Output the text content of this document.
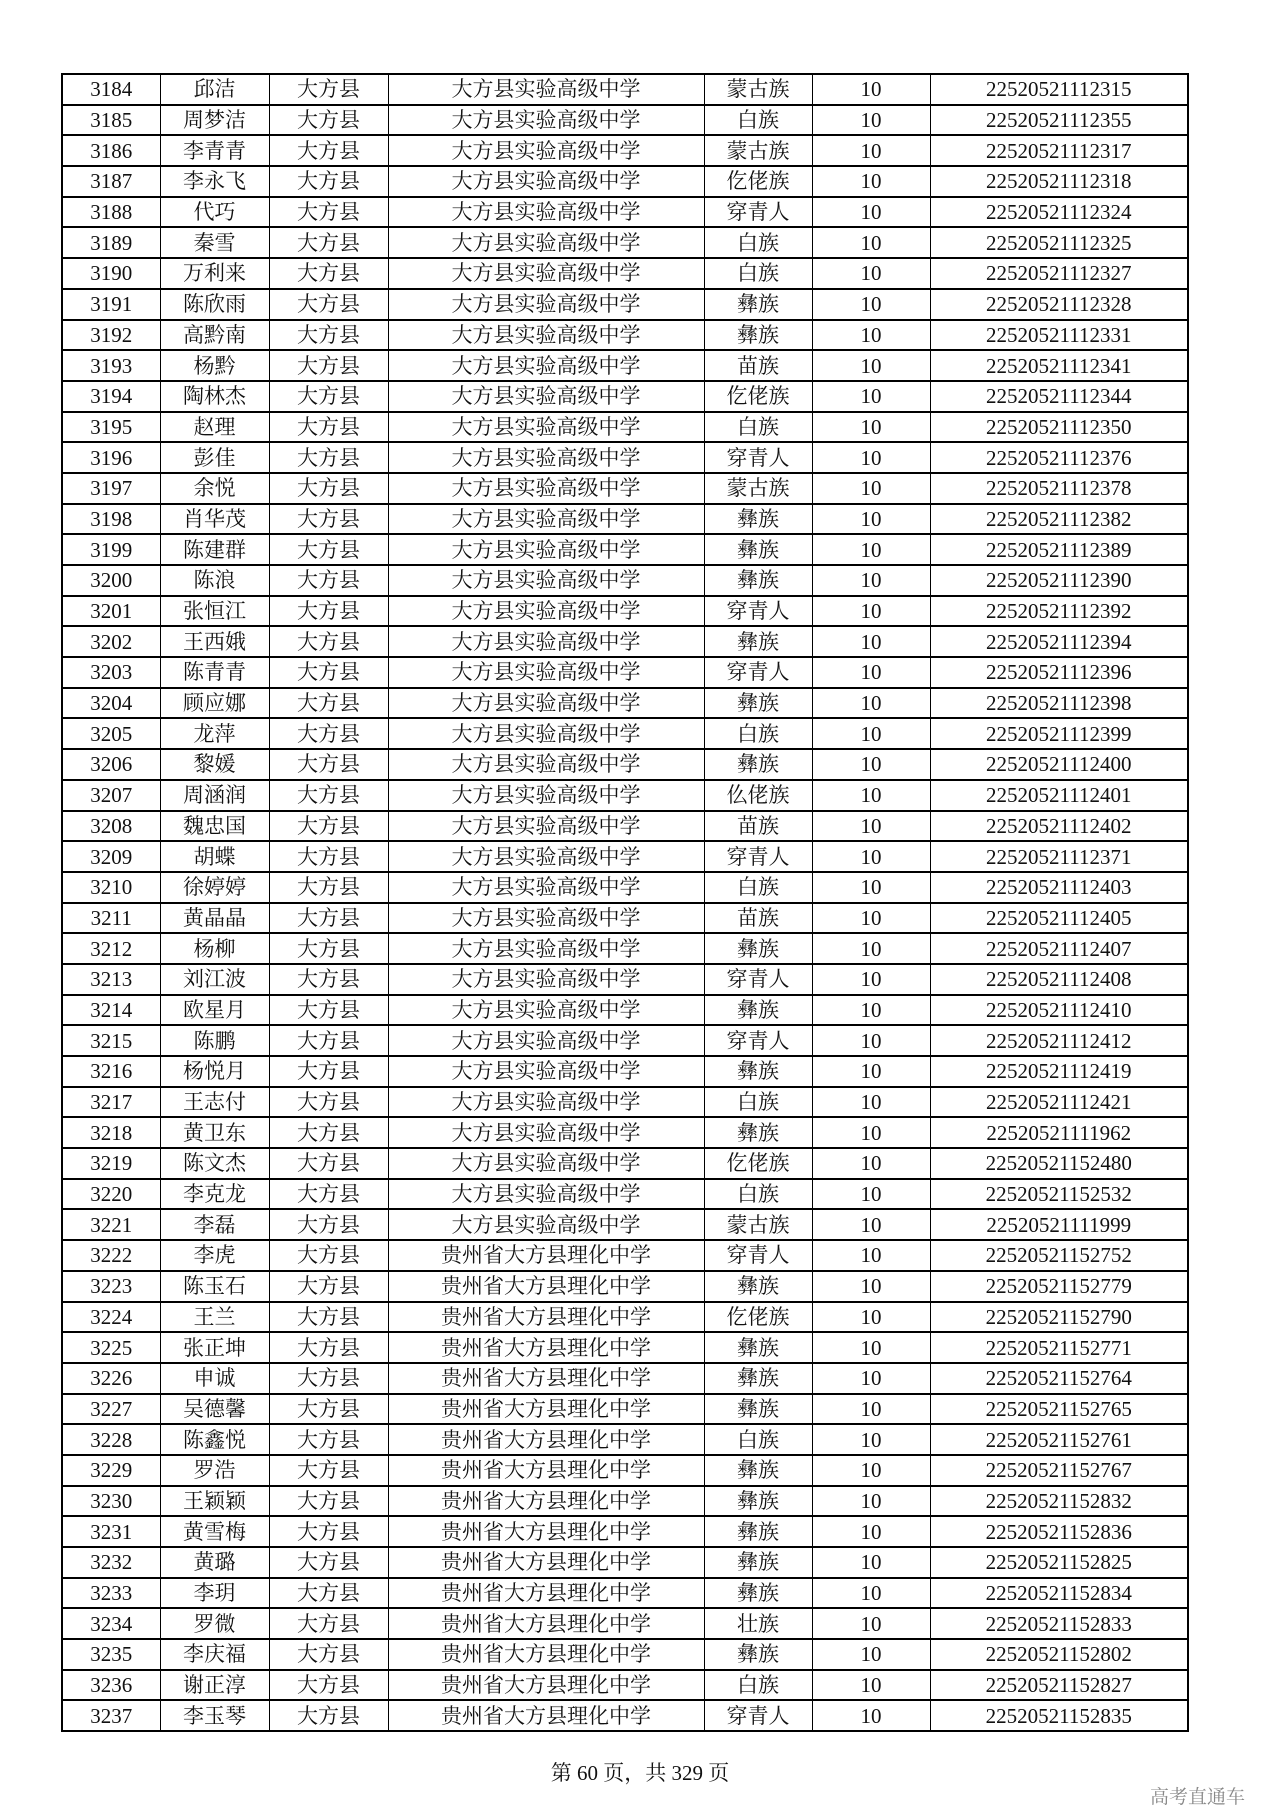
3184	邱洁	大方县	大方县实验高级中学	蒙古族	10	22520521112315
3185	周梦洁	大方县	大方县实验高级中学	白族	10	22520521112355
3186	李青青	大方县	大方县实验高级中学	蒙古族	10	22520521112317
3187	李永飞	大方县	大方县实验高级中学	仡佬族	10	22520521112318
3188	代巧	大方县	大方县实验高级中学	穿青人	10	22520521112324
3189	秦雪	大方县	大方县实验高级中学	白族	10	22520521112325
3190	万利来	大方县	大方县实验高级中学	白族	10	22520521112327
3191	陈欣雨	大方县	大方县实验高级中学	彝族	10	22520521112328
3192	高黔南	大方县	大方县实验高级中学	彝族	10	22520521112331
3193	杨黔	大方县	大方县实验高级中学	苗族	10	22520521112341
3194	陶林杰	大方县	大方县实验高级中学	仡佬族	10	22520521112344
3195	赵理	大方县	大方县实验高级中学	白族	10	22520521112350
3196	彭佳	大方县	大方县实验高级中学	穿青人	10	22520521112376
3197	余悦	大方县	大方县实验高级中学	蒙古族	10	22520521112378
3198	肖华茂	大方县	大方县实验高级中学	彝族	10	22520521112382
3199	陈建群	大方县	大方县实验高级中学	彝族	10	22520521112389
3200	陈浪	大方县	大方县实验高级中学	彝族	10	22520521112390
3201	张恒江	大方县	大方县实验高级中学	穿青人	10	22520521112392
3202	王西娥	大方县	大方县实验高级中学	彝族	10	22520521112394
3203	陈青青	大方县	大方县实验高级中学	穿青人	10	22520521112396
3204	顾应娜	大方县	大方县实验高级中学	彝族	10	22520521112398
3205	龙萍	大方县	大方县实验高级中学	白族	10	22520521112399
3206	黎媛	大方县	大方县实验高级中学	彝族	10	22520521112400
3207	周涵润	大方县	大方县实验高级中学	仫佬族	10	22520521112401
3208	魏忠国	大方县	大方县实验高级中学	苗族	10	22520521112402
3209	胡蝶	大方县	大方县实验高级中学	穿青人	10	22520521112371
3210	徐婷婷	大方县	大方县实验高级中学	白族	10	22520521112403
3211	黄晶晶	大方县	大方县实验高级中学	苗族	10	22520521112405
3212	杨柳	大方县	大方县实验高级中学	彝族	10	22520521112407
3213	刘江波	大方县	大方县实验高级中学	穿青人	10	22520521112408
3214	欧星月	大方县	大方县实验高级中学	彝族	10	22520521112410
3215	陈鹏	大方县	大方县实验高级中学	穿青人	10	22520521112412
3216	杨悦月	大方县	大方县实验高级中学	彝族	10	22520521112419
3217	王志付	大方县	大方县实验高级中学	白族	10	22520521112421
3218	黄卫东	大方县	大方县实验高级中学	彝族	10	22520521111962
3219	陈文杰	大方县	大方县实验高级中学	仡佬族	10	22520521152480
3220	李克龙	大方县	大方县实验高级中学	白族	10	22520521152532
3221	李磊	大方县	大方县实验高级中学	蒙古族	10	22520521111999
3222	李虎	大方县	贵州省大方县理化中学	穿青人	10	22520521152752
3223	陈玉石	大方县	贵州省大方县理化中学	彝族	10	22520521152779
3224	王兰	大方县	贵州省大方县理化中学	仡佬族	10	22520521152790
3225	张正坤	大方县	贵州省大方县理化中学	彝族	10	22520521152771
3226	申诚	大方县	贵州省大方县理化中学	彝族	10	22520521152764
3227	吴德馨	大方县	贵州省大方县理化中学	彝族	10	22520521152765
3228	陈鑫悦	大方县	贵州省大方县理化中学	白族	10	22520521152761
3229	罗浩	大方县	贵州省大方县理化中学	彝族	10	22520521152767
3230	王颖颖	大方县	贵州省大方县理化中学	彝族	10	22520521152832
3231	黄雪梅	大方县	贵州省大方县理化中学	彝族	10	22520521152836
3232	黄璐	大方县	贵州省大方县理化中学	彝族	10	22520521152825
3233	李玥	大方县	贵州省大方县理化中学	彝族	10	22520521152834
3234	罗微	大方县	贵州省大方县理化中学	壮族	10	22520521152833
3235	李庆福	大方县	贵州省大方县理化中学	彝族	10	22520521152802
3236	谢正淳	大方县	贵州省大方县理化中学	白族	10	22520521152827
3237	李玉琴	大方县	贵州省大方县理化中学	穿青人	10	22520521152835
第 60 页，共 329 页
高考直通车
